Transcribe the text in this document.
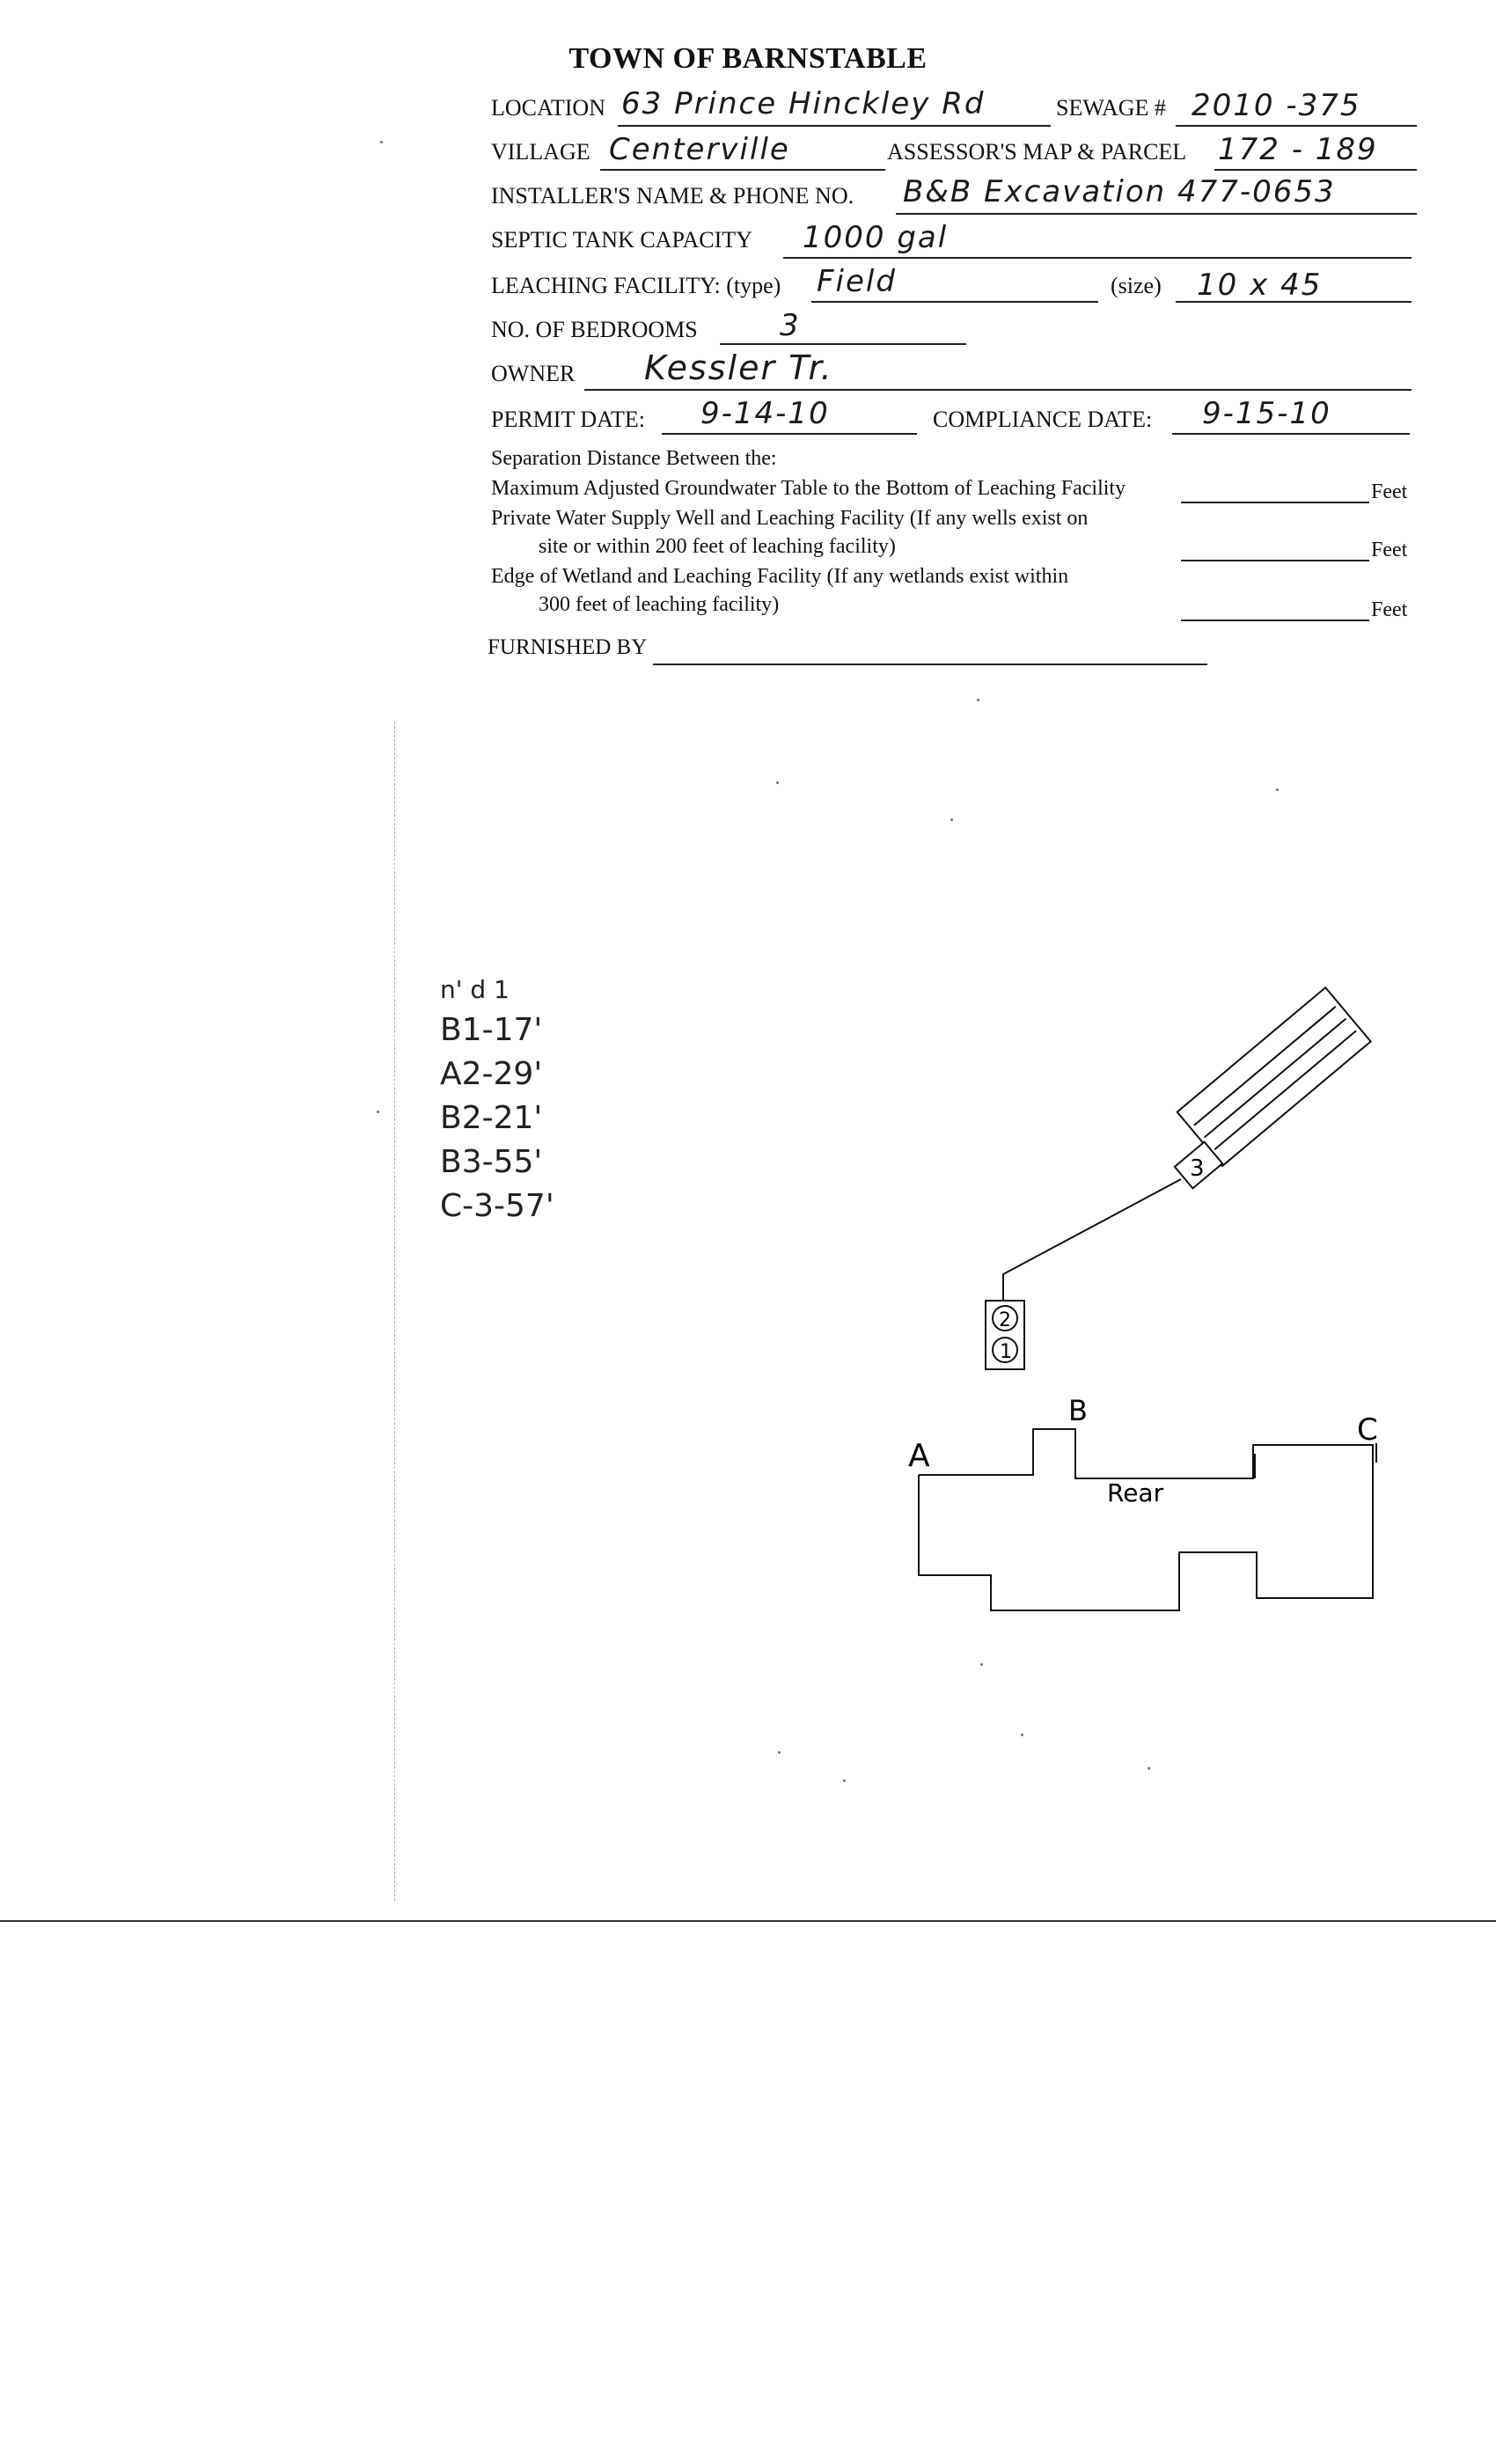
TOWN OF BARNSTABLE
LOCATION 63 Prince Hinckley Rd	SEWAGE # 2010 -375
VILLAGE Centerville	ASSESSOR'S MAP & PARCEL 172 - 189
INSTALLER'S NAME & PHONE NO. B&B Excavation 477-0653
SEPTIC TANK CAPACITY 1000 gal
LEACHING FACILITY: (type) Field	(size) 10 x 45
NO. OF BEDROOMS	3
OWNER Kessler Tr.
PERMIT DATE: 9-14-10	COMPLIANCE DATE: 9-15-10
Separation Distance Between the:
Maximum Adjusted Groundwater Table to the Bottom of Leaching Facility	Feet
Private Water Supply Well and Leaching Facility (If any wells exist on
site or within 200 feet of leaching facility)	Feet
Edge of Wetland and Leaching Facility (If any wetlands exist within
300 feet of leaching facility)	Feet
FURNISHED BY
n' d 1
B1-17'
A2-29'
B2-21'
B3-55'
C-3-57'
3
2
1
A
B
C
Rear
